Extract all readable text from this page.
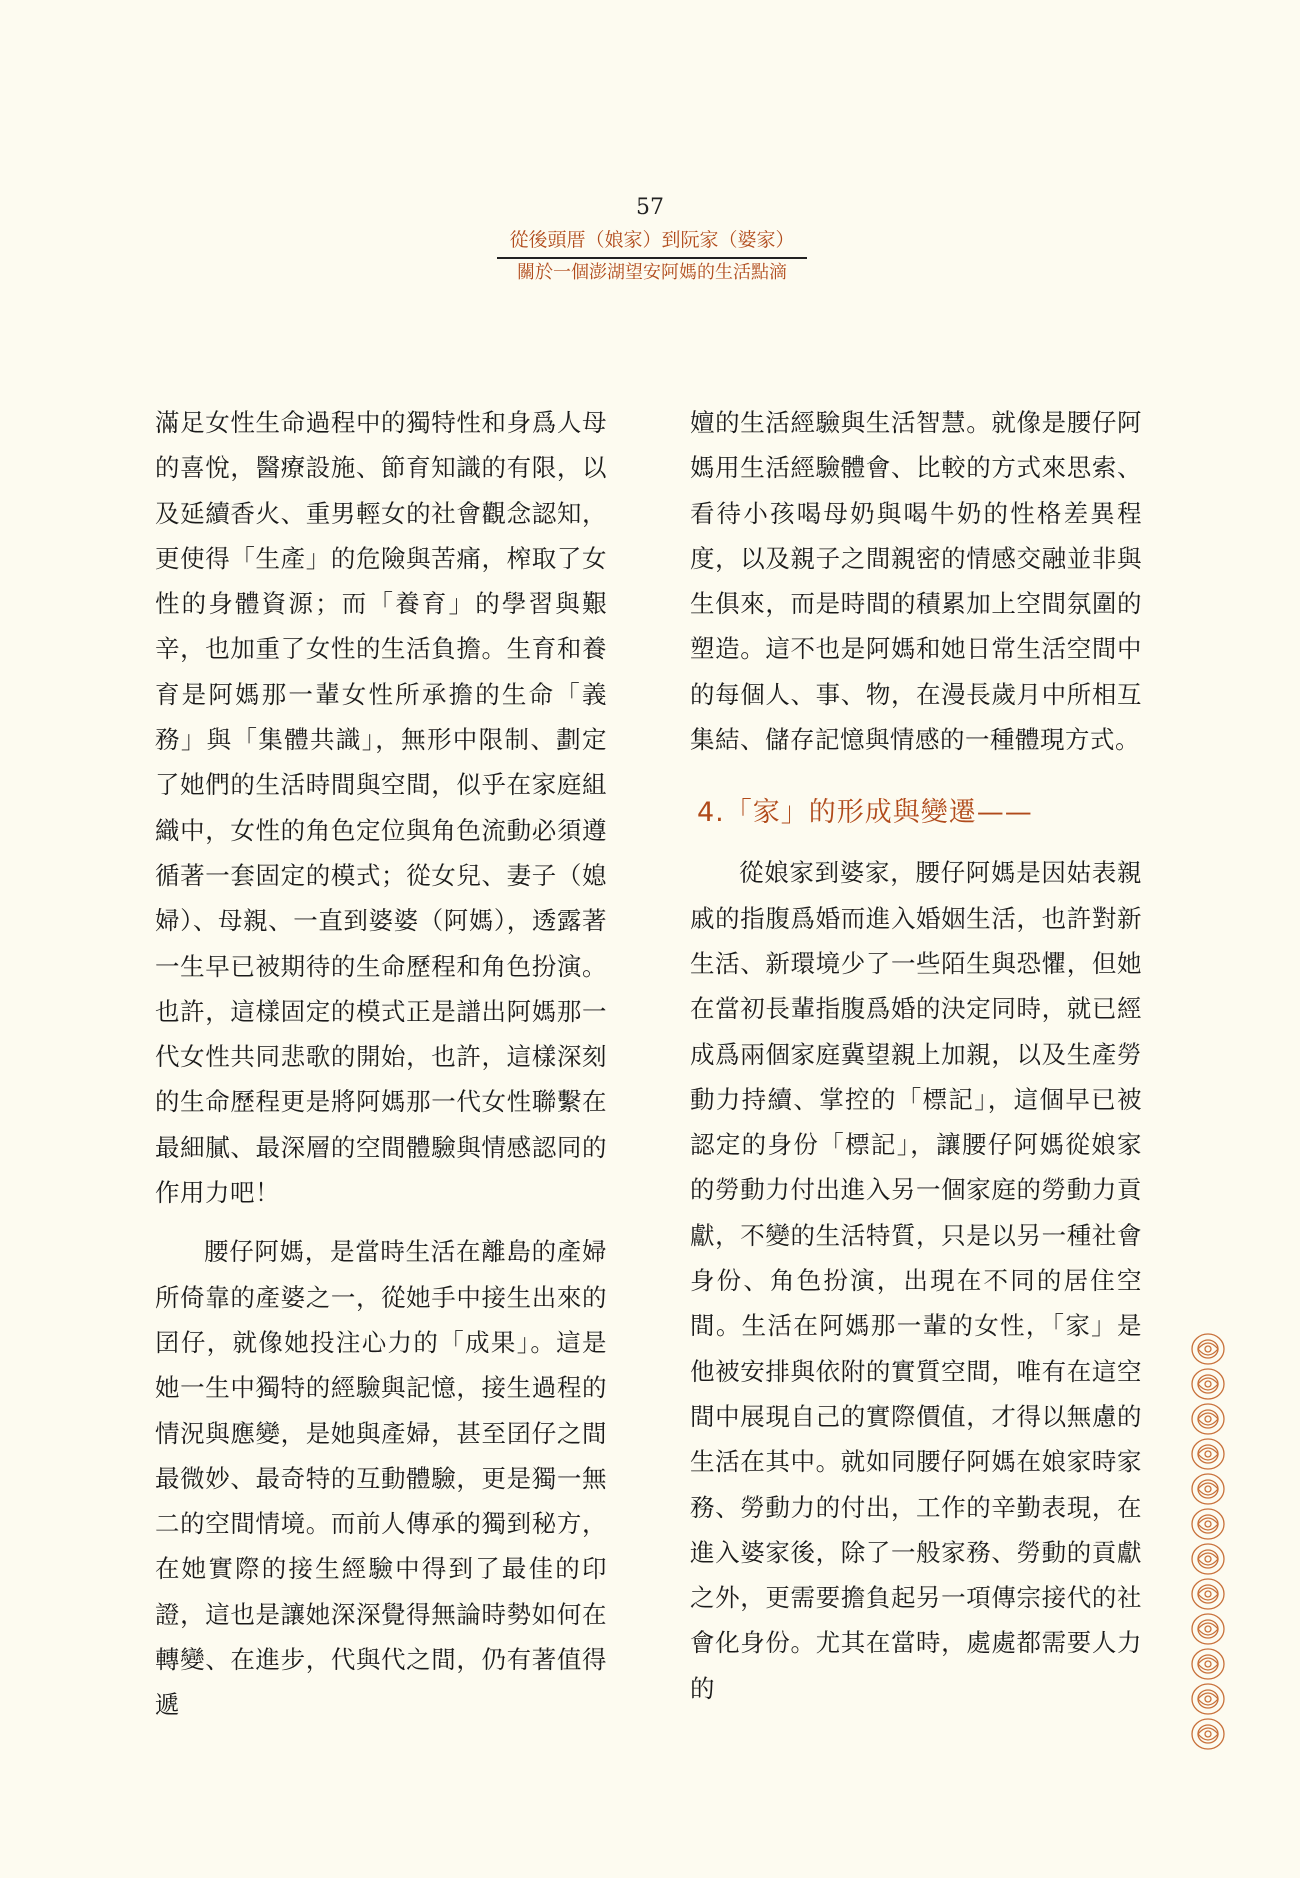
57
從後頭厝（娘家）到阮家（婆家）
關於一個澎湖望安阿媽的生活點滴

滿足女性生命過程中的獨特性和身爲人母的喜悅，醫療設施、節育知識的有限，以及延續香火、重男輕女的社會觀念認知，更使得「生產」的危險與苦痛，榨取了女性的身體資源；而「養育」的學習與艱辛，也加重了女性的生活負擔。生育和養育是阿媽那一輩女性所承擔的生命「義務」與「集體共識」，無形中限制、劃定了她們的生活時間與空間，似乎在家庭組織中，女性的角色定位與角色流動必須遵循著一套固定的模式；從女兒、妻子（媳婦）、母親、一直到婆婆（阿媽），透露著一生早已被期待的生命歷程和角色扮演。也許，這樣固定的模式正是譜出阿媽那一代女性共同悲歌的開始，也許，這樣深刻的生命歷程更是將阿媽那一代女性聯繫在最細膩、最深層的空間體驗與情感認同的作用力吧！

腰仔阿媽，是當時生活在離島的產婦所倚靠的產婆之一，從她手中接生出來的囝仔，就像她投注心力的「成果」。這是她一生中獨特的經驗與記憶，接生過程的情況與應變，是她與產婦，甚至囝仔之間最微妙、最奇特的互動體驗，更是獨一無二的空間情境。而前人傳承的獨到秘方，在她實際的接生經驗中得到了最佳的印證，這也是讓她深深覺得無論時勢如何在轉變、在進步，代與代之間，仍有著值得遞

嬗的生活經驗與生活智慧。就像是腰仔阿媽用生活經驗體會、比較的方式來思索、看待小孩喝母奶與喝牛奶的性格差異程度，以及親子之間親密的情感交融並非與生俱來，而是時間的積累加上空間氛圍的塑造。這不也是阿媽和她日常生活空間中的每個人、事、物，在漫長歲月中所相互集結、儲存記憶與情感的一種體現方式。

4.「家」的形成與變遷——

從娘家到婆家，腰仔阿媽是因姑表親戚的指腹爲婚而進入婚姻生活，也許對新生活、新環境少了一些陌生與恐懼，但她在當初長輩指腹爲婚的決定同時，就已經成爲兩個家庭冀望親上加親，以及生產勞動力持續、掌控的「標記」，這個早已被認定的身份「標記」，讓腰仔阿媽從娘家的勞動力付出進入另一個家庭的勞動力貢獻，不變的生活特質，只是以另一種社會身份、角色扮演，出現在不同的居住空間。生活在阿媽那一輩的女性，「家」是他被安排與依附的實質空間，唯有在這空間中展現自己的實際價值，才得以無慮的生活在其中。就如同腰仔阿媽在娘家時家務、勞動力的付出，工作的辛勤表現，在進入婆家後，除了一般家務、勞動的貢獻之外，更需要擔負起另一項傳宗接代的社會化身份。尤其在當時，處處都需要人力的
